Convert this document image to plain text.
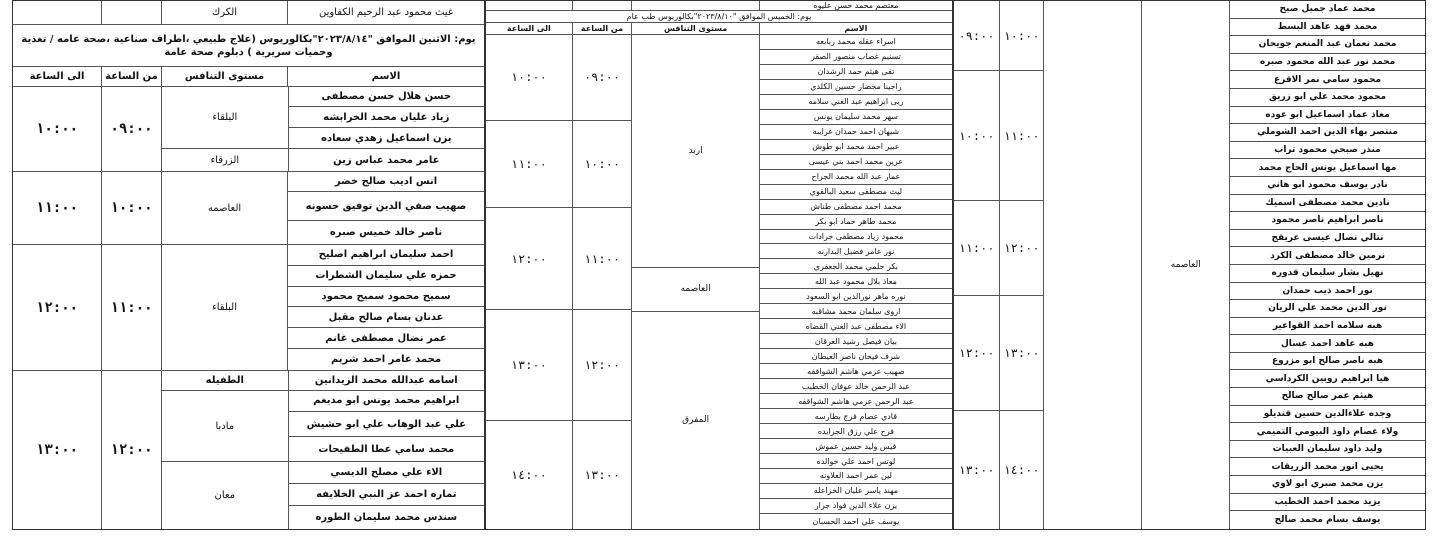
غيث محمود عبد الرحيم الكفاوين
الكرك
يوم: الاثنين الموافق "٢٠٢٣/٨/١٤"بكالوريوس (علاج طبيعي ،اطراف صناعية ،صحة عامه / تغذية وحميات سريرية ) دبلوم صحة عامة
الاسم
مستوى التنافس
من الساعة
الى الساعة
حسن هلال حسن مصطفى
زياد عليان محمد الخرابشه
يزن اسماعيل زهدي سعاده
البلقاء
عامر محمد عباس زين
الزرقاء
٠٩:٠٠
١٠:٠٠
انس اديب صالح خضر
صهيب صفي الدين توفيق حسونه
ناصر خالد خميس صبره
العاصمه
١٠:٠٠
١١:٠٠
احمد سليمان ابراهيم اصليح
حمزه علي سليمان الشطرات
سميح محمود سميح محمود
عدنان بسام صالح مقبل
عمر نضال مصطفى غانم
محمد عامر احمد شريم
البلقاء
١١:٠٠
١٢:٠٠
اسامه عبدالله محمد الزيدانين
الطفيله
ابراهيم محمد يونس ابو مديغم
علي عبد الوهاب علي ابو حشيش
محمد سامي عطا الطفيحات
مادبا
الاء علي مصلح الديسي
تماره احمد عز النبي الخلايفه
سندس محمد سليمان الطوره
معان
١٢:٠٠
١٣:٠٠
معتصم محمد حسن عليوه
يوم: الخميس الموافق "٢٠٢٣/٨/١٠"بكالوريوس طب عام
الاسم
اسراء عقله محمد ربابعه
تسنيم غصاب منصور الصقر
تقى هيثم حمد الرشدان
راجينا مخضار حسين الكلدي
ربى ابراهيم عبد الغني سلامه
سهر محمد سليمان يونس
شيهان احمد حمدان غرايبه
عبير احمد محمد ابو طوش
عرين محمد احمد بني عيسى
عمار عبد الله محمد الجراح
ليث مصطفى سعيد البالقوي
محمد احمد مصطفى طناش
محمد طاهر حماد ابو بكر
محمود زياد مصطفى جرادات
نور عامر فضيل البدارنه
بكر حلمي محمد الجعفري
معاذ بلال محمود عبد الله
نوره ماهر نورالدين ابو السعود
اروى سلمان محمد مشاقبه
الاء مصطفى عبد الغني القضاه
بيان فيصل رشيد العرقان
شرف فيحان ناصر العيطان
صهيب عزمي هاشم الشواقفه
عبد الرحمن خالد عوفان الخطيب
عبد الرحمن عزمي هاشم الشواقفه
قادي عصام فرج بطارسه
فرح علي رزق الجرايده
قيس وليد حسين عموش
لوتس احمد علي خوالده
لين عمر احمد العلاونه
مهند ياسر عليان الخزاعله
يزن علاء الدين فواد جرار
يوسف علي احمد الحسبان
مستوى التنافس
اربد
العاصمه
المفرق
من الساعة
٠٩:٠٠
١٠:٠٠
١١:٠٠
١٢:٠٠
١٣:٠٠
الى الساعة
١٠:٠٠
١١:٠٠
١٢:٠٠
١٣:٠٠
١٤:٠٠
محمد عماد جميل صبح
محمد فهد عاهد البسط
محمد نعمان عبد المنعم جويحان
محمد نور عبد الله محمود صبره
محمود سامي نمر الاقرع
محمود محمد علي ابو زريق
معاذ عماد اسماعيل ابو عوده
منتصر بهاء الدين احمد الشوملي
منذر صبحي محمود تراب
مها اسماعيل يونس الحاج محمد
نادر يوسف محمود ابو هاني
نادين محمد مصطفى اسميك
ناصر ابراهيم ناصر محمود
نتالي نضال عيسى عريقج
نرمين خالد مصطفى الكرد
نهيل بشار سليمان قدوره
نور احمد ذيب حمدان
نور الدين محمد علي الريان
هبه سلامه احمد القواعير
هبه عاهد احمد عسال
هبه ناصر صالح ابو مزروع
هيا ابراهيم روبين الكرداسي
هيثم عمر صالح صالح
وجده علاءالدين حسين قنديلو
ولاء عصام داود البيومي التميمي
وليد داود سليمان العبيات
يحيى انور محمد الزريقات
يزن محمد صبري ابو لاوي
يزيد محمد احمد الخطيب
يوسف بسام محمد صالح
العاصمه
١٠:٠٠
٠٩:٠٠
١١:٠٠
١٠:٠٠
١٢:٠٠
١١:٠٠
١٣:٠٠
١٢:٠٠
١٤:٠٠
١٣:٠٠
